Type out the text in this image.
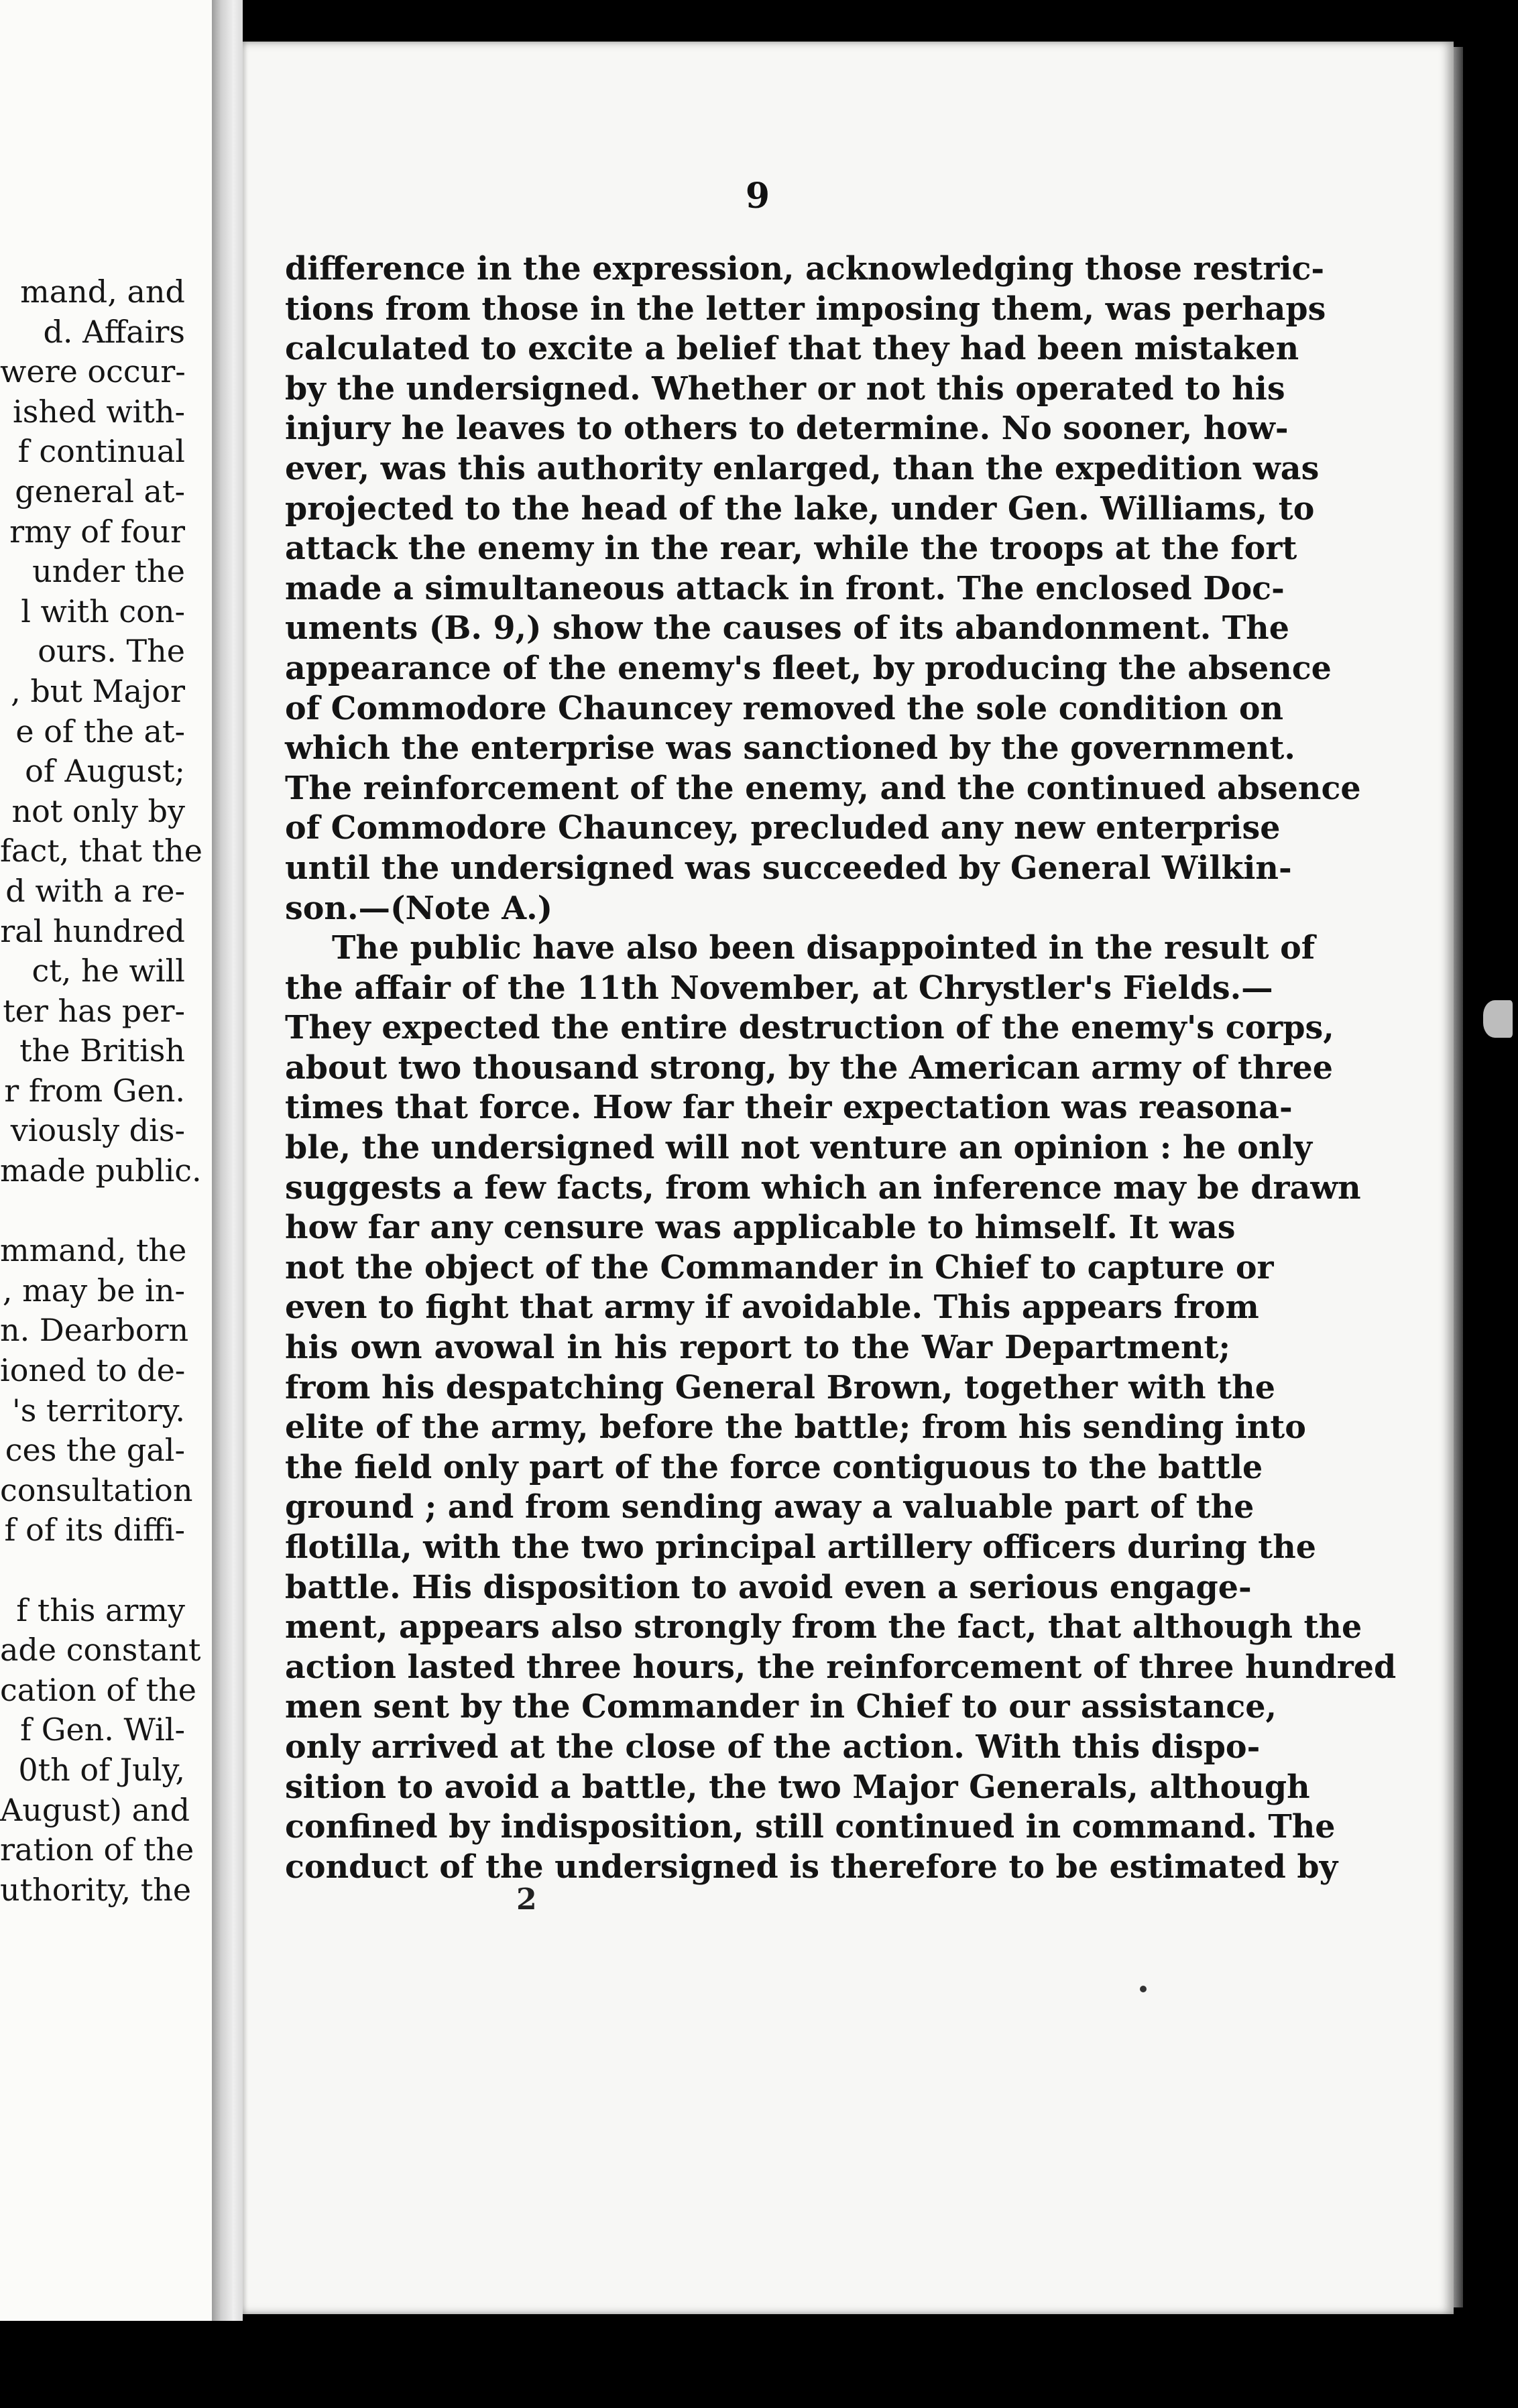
mand, and
d. Affairs
were occur-
ished with-
f continual
general at-
rmy of four
under the
l with con-
ours. The
, but Major
e of the at-
of August;
not only by
fact, that the
d with a re-
ral hundred
ct, he will
ter has per-
the British
r from Gen.
viously dis-
made public.
mmand, the
, may be in-
n. Dearborn
ioned to de-
's territory.
ces the gal-
consultation
f of its diffi-
f this army
ade constant
cation of the
f Gen. Wil-
0th of July,
August) and
ration of the
uthority, the
9
difference in the expression, acknowledging those restric-
tions from those in the letter imposing them, was perhaps
calculated to excite a belief that they had been mistaken
by the undersigned. Whether or not this operated to his
injury he leaves to others to determine. No sooner, how-
ever, was this authority enlarged, than the expedition was
projected to the head of the lake, under Gen. Williams, to
attack the enemy in the rear, while the troops at the fort
made a simultaneous attack in front. The enclosed Doc-
uments (B. 9,) show the causes of its abandonment. The
appearance of the enemy's fleet, by producing the absence
of Commodore Chauncey removed the sole condition on
which the enterprise was sanctioned by the government.
The reinforcement of the enemy, and the continued absence
of Commodore Chauncey, precluded any new enterprise
until the undersigned was succeeded by General Wilkin-
son.—(Note A.)
The public have also been disappointed in the result of
the affair of the 11th November, at Chrystler's Fields.—
They expected the entire destruction of the enemy's corps,
about two thousand strong, by the American army of three
times that force. How far their expectation was reasona-
ble, the undersigned will not venture an opinion : he only
suggests a few facts, from which an inference may be drawn
how far any censure was applicable to himself. It was
not the object of the Commander in Chief to capture or
even to fight that army if avoidable. This appears from
his own avowal in his report to the War Department;
from his despatching General Brown, together with the
elite of the army, before the battle; from his sending into
the field only part of the force contiguous to the battle
ground ; and from sending away a valuable part of the
flotilla, with the two principal artillery officers during the
battle. His disposition to avoid even a serious engage-
ment, appears also strongly from the fact, that although the
action lasted three hours, the reinforcement of three hundred
men sent by the Commander in Chief to our assistance,
only arrived at the close of the action. With this dispo-
sition to avoid a battle, the two Major Generals, although
confined by indisposition, still continued in command. The
conduct of the undersigned is therefore to be estimated by
2
